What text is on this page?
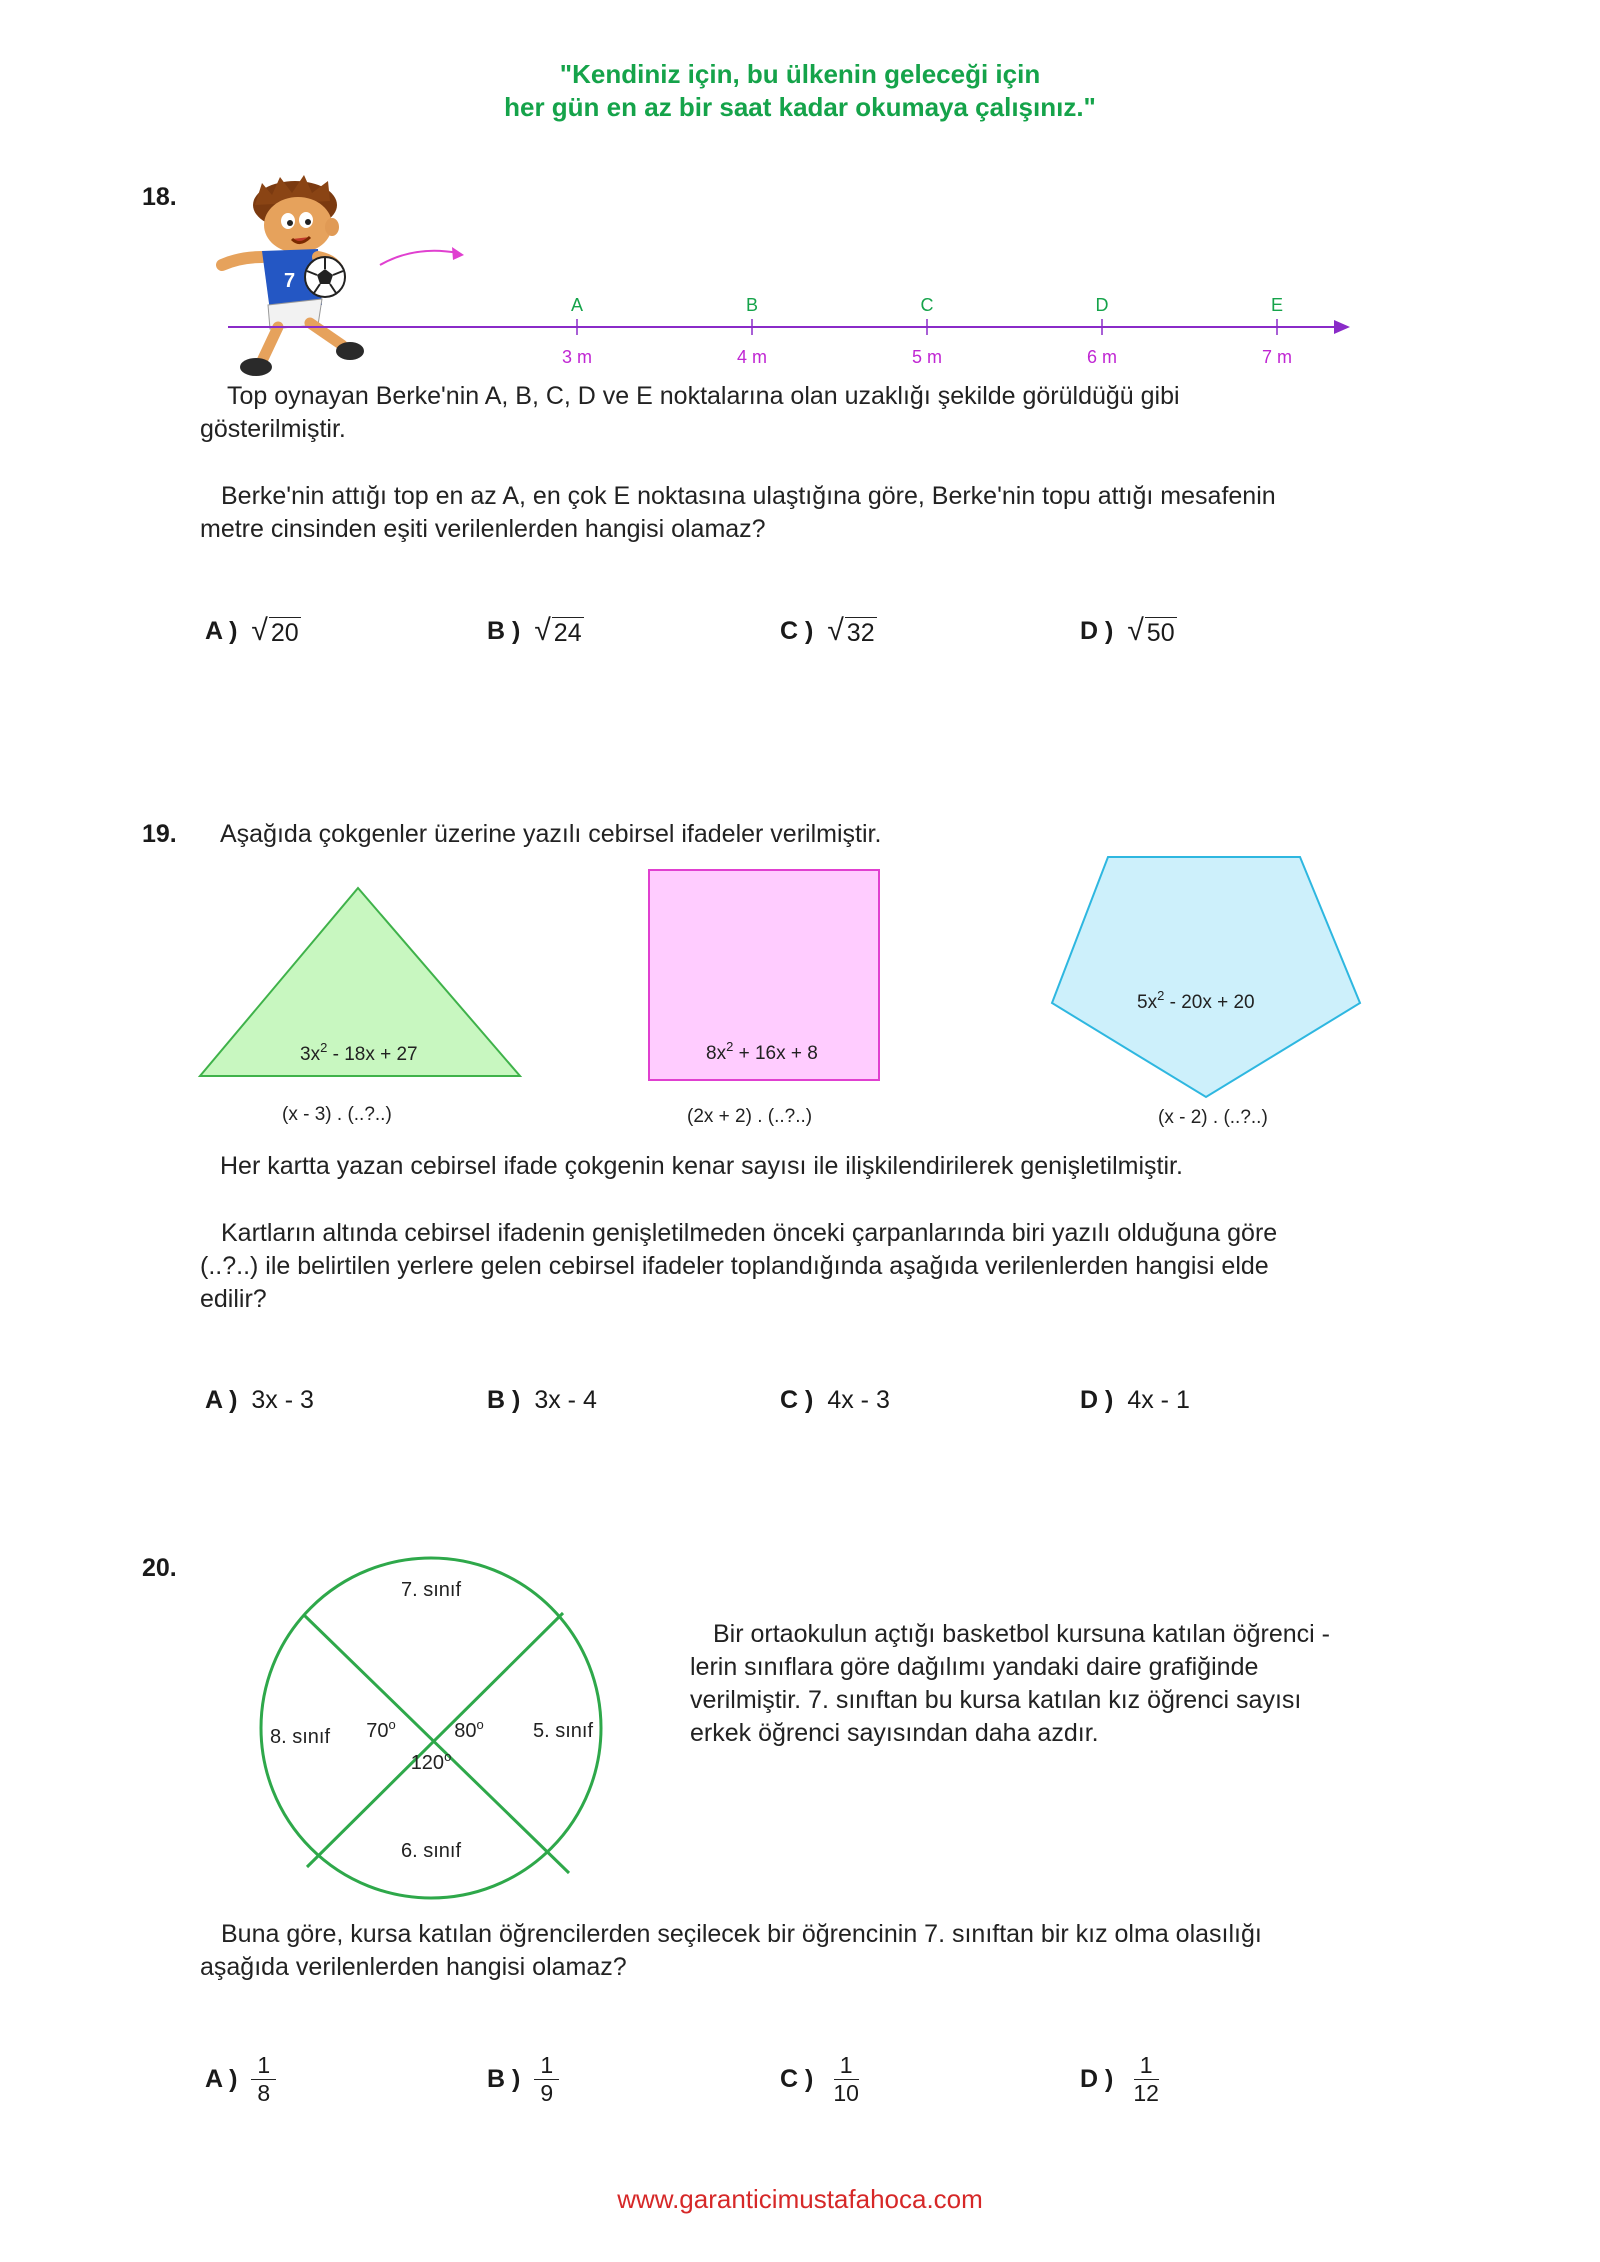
"Kendiniz için, bu ülkenin geleceği için
her gün en az bir saat kadar okumaya çalışınız."
18.
7
A
3 m
B
4 m
C
5 m
D
6 m
E
7 m
Top oynayan Berke'nin A, B, C, D ve E noktalarına olan uzaklığı şekilde görüldüğü gibi
gösterilmiştir.
Berke'nin attığı top en az A, en çok E noktasına ulaştığına göre, Berke'nin topu attığı mesafenin
metre cinsinden eşiti verilenlerden hangisi olamaz?
A ) √ 20	B ) √ 24	C ) √ 32	D ) √ 50
19. Aşağıda çokgenler üzerine yazılı cebirsel ifadeler verilmiştir.
$3x^2 - 18x + 27$
(x - 3) . (..?..)
$8x^2 + 16x + 8$
(2x + 2) . (..?..)
$5x^2 - 20x + 20$
(x - 2) . (..?..)
Her kartta yazan cebirsel ifade çokgenin kenar sayısı ile ilişkilendirilerek genişletilmiştir.
Kartların altında cebirsel ifadenin genişletilmeden önceki çarpanlarında biri yazılı olduğuna göre
(..?..) ile belirtilen yerlere gelen cebirsel ifadeler toplandığında aşağıda verilenlerden hangisi elde
edilir?
A ) 3x - 3	B ) 3x - 4	C ) 4x - 3	D ) 4x - 1
20.
7. sınıf
8. sınıf	5. sınıf
6. sınıf
70$^o$	80$^o$
120$^o$
Bir ortaokulun açtığı basketbol kursuna katılan öğrenci -
lerin sınıflara göre dağılımı yandaki daire grafiğinde
verilmiştir. 7. sınıftan bu kursa katılan kız öğrenci sayısı
erkek öğrenci sayısından daha azdır.
Buna göre, kursa katılan öğrencilerden seçilecek bir öğrencinin 7. sınıftan bir kız olma olasılığı
aşağıda verilenlerden hangisi olamaz?
A ) $\frac{1}{8}$	B ) $\frac{1}{9}$	C ) $\frac{1}{10}$	D ) $\frac{1}{12}$
www.garanticimustafahoca.com
